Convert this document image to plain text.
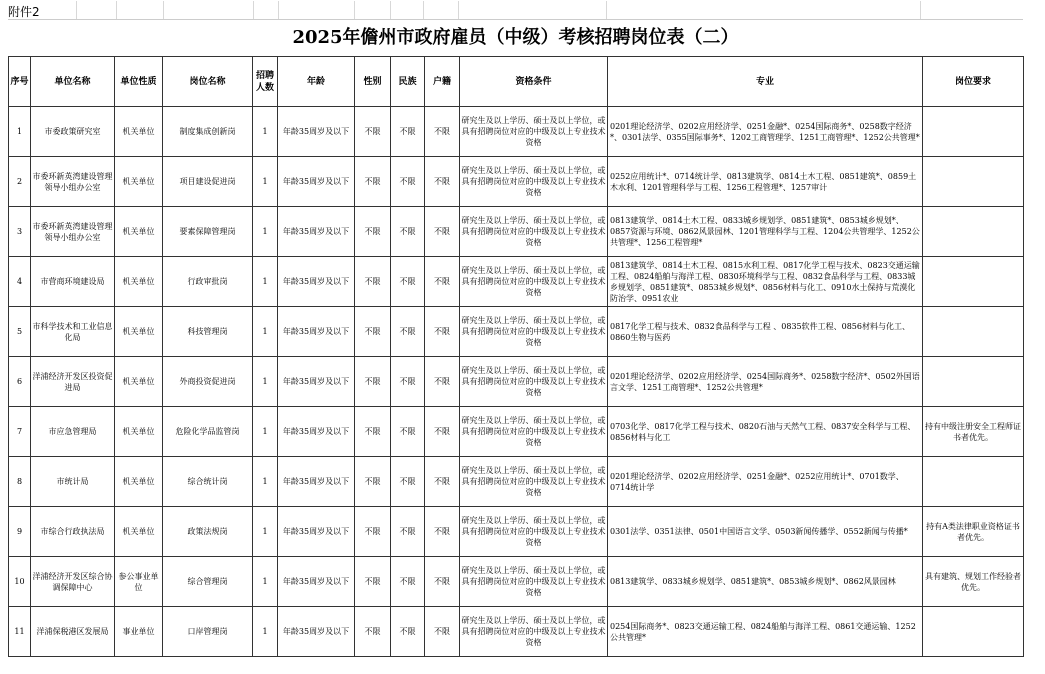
附件2
2025年儋州市政府雇员（中级）考核招聘岗位表（二）
序号	单位名称	单位性质	岗位名称	招聘人数	年龄	性别	民族	户籍	资格条件	专业	岗位要求
1	市委政策研究室	机关单位	制度集成创新岗	1	年龄35周岁及以下	不限	不限	不限	研究生及以上学历、硕士及以上学位，或具有招聘岗位对应的中级及以上专业技术资格	0201理论经济学、0202应用经济学、0251金融*、0254国际商务*、0258数字经济*、0301法学、0355国际事务*、1202工商管理学、1251工商管理*、1252公共管理*	
2	市委环新英湾建设管理领导小组办公室	机关单位	项目建设促进岗	1	年龄35周岁及以下	不限	不限	不限	研究生及以上学历、硕士及以上学位，或具有招聘岗位对应的中级及以上专业技术资格	0252应用统计*、0714统计学、0813建筑学、0814土木工程、0851建筑*、0859土木水利、1201管理科学与工程、1256工程管理*、1257审计	
3	市委环新英湾建设管理领导小组办公室	机关单位	要素保障管理岗	1	年龄35周岁及以下	不限	不限	不限	研究生及以上学历、硕士及以上学位，或具有招聘岗位对应的中级及以上专业技术资格	0813建筑学、0814土木工程、0833城乡规划学、0851建筑*、0853城乡规划*、0857资源与环境、0862风景园林、1201管理科学与工程、1204公共管理学、1252公共管理*、1256工程管理*	
4	市营商环境建设局	机关单位	行政审批岗	1	年龄35周岁及以下	不限	不限	不限	研究生及以上学历、硕士及以上学位，或具有招聘岗位对应的中级及以上专业技术资格	0813建筑学、0814土木工程、0815水利工程、0817化学工程与技术、0823交通运输工程、0824船舶与海洋工程、0830环境科学与工程、0832食品科学与工程、0833城乡规划学、0851建筑*、0853城乡规划*、0856材料与化工、0910水土保持与荒漠化防治学、0951农业	
5	市科学技术和工业信息化局	机关单位	科技管理岗	1	年龄35周岁及以下	不限	不限	不限	研究生及以上学历、硕士及以上学位，或具有招聘岗位对应的中级及以上专业技术资格	0817化学工程与技术、0832食品科学与工程 、0835软件工程、0856材料与化工、0860生物与医药	
6	洋浦经济开发区投资促进局	机关单位	外商投资促进岗	1	年龄35周岁及以下	不限	不限	不限	研究生及以上学历、硕士及以上学位，或具有招聘岗位对应的中级及以上专业技术资格	0201理论经济学、0202应用经济学、0254国际商务*、0258数字经济*、0502外国语言文学、1251工商管理*、1252公共管理*	
7	市应急管理局	机关单位	危险化学品监管岗	1	年龄35周岁及以下	不限	不限	不限	研究生及以上学历、硕士及以上学位，或具有招聘岗位对应的中级及以上专业技术资格	0703化学、0817化学工程与技术、0820石油与天然气工程、0837安全科学与工程、0856材料与化工	持有中级注册安全工程师证书者优先。
8	市统计局	机关单位	综合统计岗	1	年龄35周岁及以下	不限	不限	不限	研究生及以上学历、硕士及以上学位，或具有招聘岗位对应的中级及以上专业技术资格	0201理论经济学、0202应用经济学、0251金融*、0252应用统计*、0701数学、0714统计学	
9	市综合行政执法局	机关单位	政策法规岗	1	年龄35周岁及以下	不限	不限	不限	研究生及以上学历、硕士及以上学位，或具有招聘岗位对应的中级及以上专业技术资格	0301法学、0351法律、0501中国语言文学、0503新闻传播学、0552新闻与传播*	持有A类法律职业资格证书者优先。
10	洋浦经济开发区综合协调保障中心	参公事业单位	综合管理岗	1	年龄35周岁及以下	不限	不限	不限	研究生及以上学历、硕士及以上学位，或具有招聘岗位对应的中级及以上专业技术资格	0813建筑学、0833城乡规划学、0851建筑*、0853城乡规划*、0862风景园林	具有建筑、规划工作经验者优先。
11	洋浦保税港区发展局	事业单位	口岸管理岗	1	年龄35周岁及以下	不限	不限	不限	研究生及以上学历、硕士及以上学位，或具有招聘岗位对应的中级及以上专业技术资格	0254国际商务*、0823交通运输工程、0824船舶与海洋工程、0861交通运输、1252公共管理*	
